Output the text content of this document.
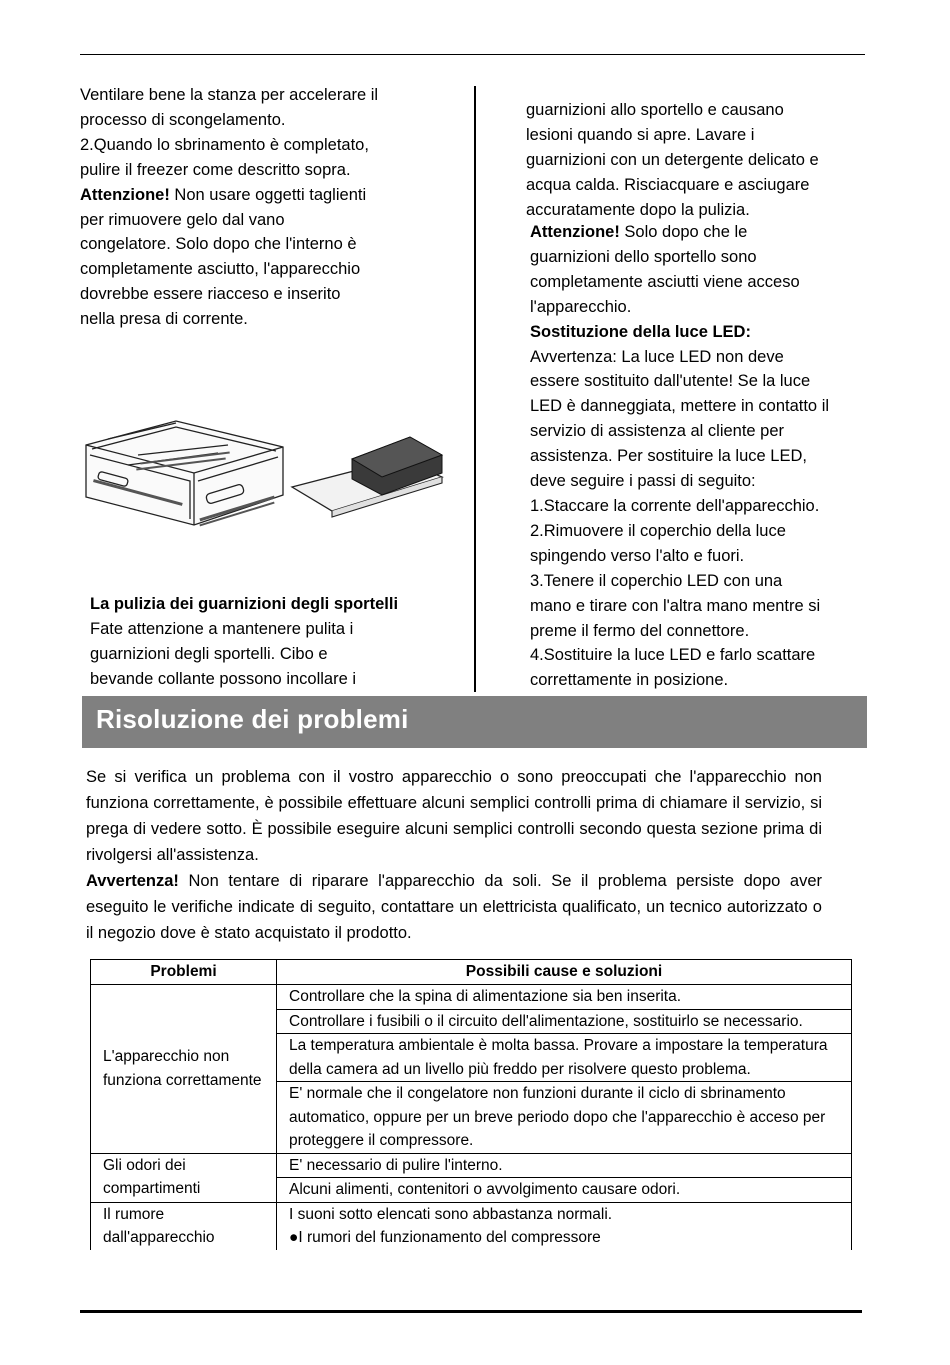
Ventilare bene la stanza per accelerare il

processo di scongelamento.

2.Quando lo sbrinamento è completato,

pulire il freezer come descritto sopra.

Attenzione! Non usare oggetti taglienti

per rimuovere gelo dal vano

congelatore. Solo dopo che l'interno è

completamente asciutto, l'apparecchio

dovrebbe essere riacceso e inserito

nella presa di corrente.

La pulizia dei guarnizioni degli sportelli

Fate attenzione a mantenere pulita i

guarnizioni degli sportelli. Cibo e

bevande collante possono incollare i

guarnizioni allo sportello e causano

lesioni quando si apre. Lavare i

guarnizioni con un detergente delicato e

acqua calda. Risciacquare e asciugare

accuratamente dopo la pulizia.

Attenzione! Solo dopo che le

guarnizioni dello sportello sono

completamente asciutti viene acceso

l'apparecchio.

Sostituzione della luce LED:

Avvertenza: La luce LED non deve

essere sostituito dall'utente! Se la luce

LED è danneggiata, mettere in contatto il

servizio di assistenza al cliente per

assistenza. Per sostituire la luce LED,

deve seguire i passi di seguito:

1.Staccare la corrente dell'apparecchio.

2.Rimuovere il coperchio della luce

spingendo verso l'alto e fuori.

3.Tenere il coperchio LED con una

mano e tirare con l'altra mano mentre si

preme il fermo del connettore.

4.Sostituire la luce LED e farlo scattare

correttamente in posizione.

Risoluzione dei problemi

Se si verifica un problema con il vostro apparecchio o sono preoccupati che l'apparecchio non funziona correttamente, è possibile effettuare alcuni semplici controlli prima di chiamare il servizio, si prega di vedere sotto. È possibile eseguire alcuni semplici controlli secondo questa sezione prima di rivolgersi all'assistenza.

Avvertenza! Non tentare di riparare l'apparecchio da soli. Se il problema persiste dopo aver eseguito le verifiche indicate di seguito, contattare un elettricista qualificato, un tecnico autorizzato o il negozio dove è stato acquistato il prodotto.

Problemi	Possibili cause e soluzioni
L'apparecchio non funziona correttamente	Controllare che la spina di alimentazione sia ben inserita.
	Controllare i fusibili o il circuito dell'alimentazione, sostituirlo se necessario.
	La temperatura ambientale è molta bassa. Provare a impostare la temperatura della camera ad un livello più freddo per risolvere questo problema.
	E' normale che il congelatore non funzioni durante il ciclo di sbrinamento automatico, oppure per un breve periodo dopo che l'apparecchio è acceso per proteggere il compressore.
Gli odori dei compartimenti	E' necessario di pulire l'interno.
	Alcuni alimenti, contenitori o avvolgimento causare odori.
Il rumore dall'apparecchio	I suoni sotto elencati sono abbastanza normali.
●I rumori del funzionamento del compressore
